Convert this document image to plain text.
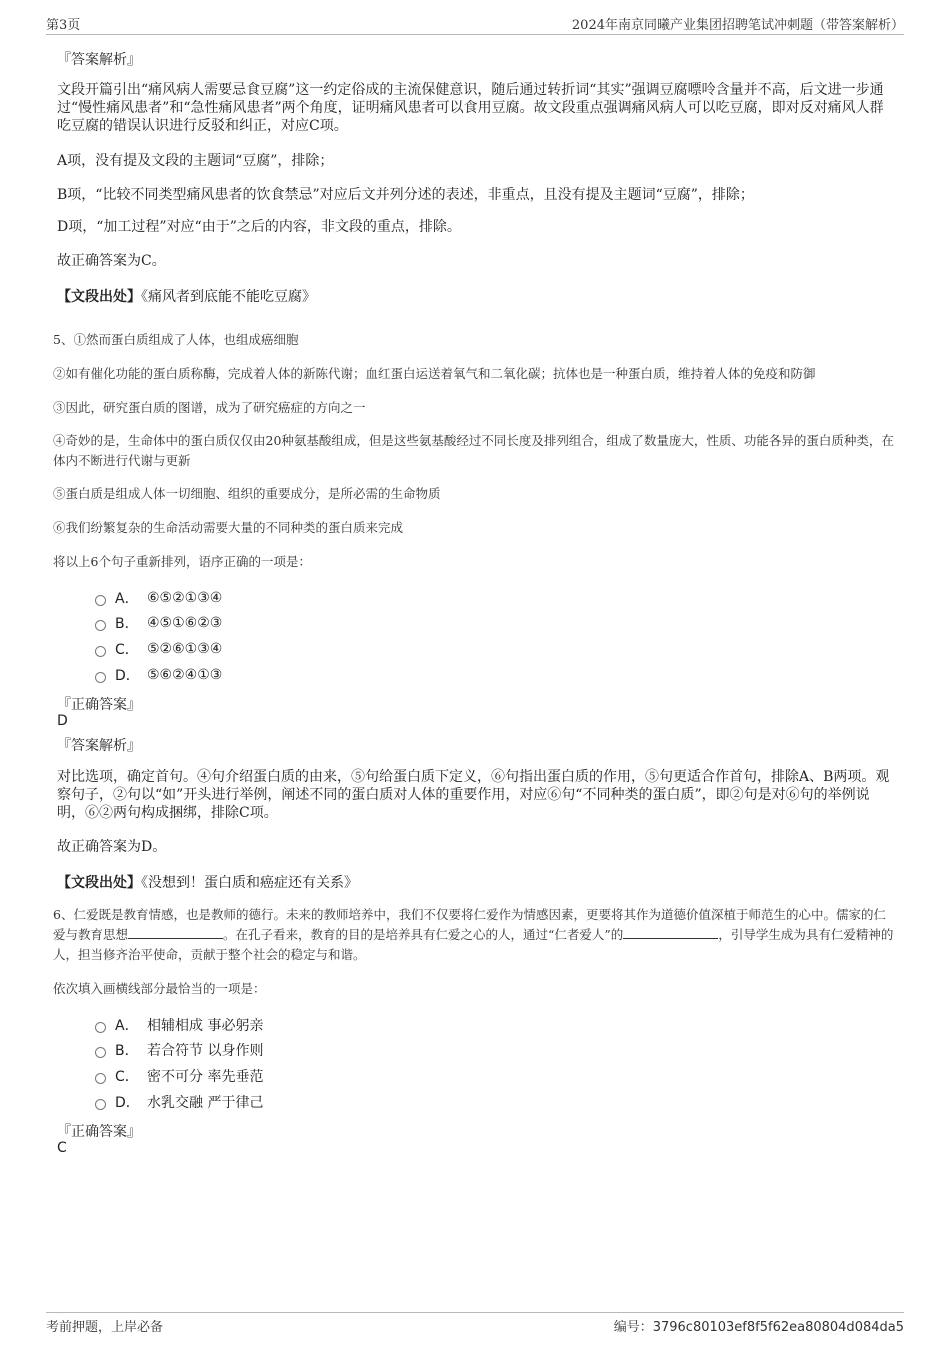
第3页	2024年南京同曦产业集团招聘笔试冲刺题（带答案解析）
『答案解析』
文段开篇引出“痛风病人需要忌食豆腐”这一约定俗成的主流保健意识，随后通过转折词“其实”强调豆腐嘌呤含量并不高，后文进一步通过“慢性痛风患者”和“急性痛风患者”两个角度，证明痛风患者可以食用豆腐。故文段重点强调痛风病人可以吃豆腐，即对反对痛风人群吃豆腐的错误认识进行反驳和纠正，对应C项。
A项，没有提及文段的主题词“豆腐”，排除；
B项，“比较不同类型痛风患者的饮食禁忌”对应后文并列分述的表述，非重点，且没有提及主题词“豆腐”，排除；
D项，“加工过程”对应“由于”之后的内容，非文段的重点，排除。
故正确答案为C。
【文段出处】《痛风者到底能不能吃豆腐》
5、①然而蛋白质组成了人体，也组成癌细胞
②如有催化功能的蛋白质称酶，完成着人体的新陈代谢；血红蛋白运送着氧气和二氧化碳；抗体也是一种蛋白质，维持着人体的免疫和防御
③因此，研究蛋白质的图谱，成为了研究癌症的方向之一
④奇妙的是，生命体中的蛋白质仅仅由20种氨基酸组成，但是这些氨基酸经过不同长度及排列组合，组成了数量庞大，性质、功能各异的蛋白质种类，在体内不断进行代谢与更新
⑤蛋白质是组成人体一切细胞、组织的重要成分，是所必需的生命物质
⑥我们纷繁复杂的生命活动需要大量的不同种类的蛋白质来完成
将以上6个句子重新排列，语序正确的一项是：
A． ⑥⑤②①③④
B． ④⑤①⑥②③
C． ⑤②⑥①③④
D． ⑤⑥②④①③
『正确答案』
D
『答案解析』
对比选项，确定首句。④句介绍蛋白质的由来，⑤句给蛋白质下定义，⑥句指出蛋白质的作用，⑤句更适合作首句，排除A、B两项。观察句子，②句以“如”开头进行举例，阐述不同的蛋白质对人体的重要作用，对应⑥句“不同种类的蛋白质”，即②句是对⑥句的举例说明，⑥②两句构成捆绑，排除C项。
故正确答案为D。
【文段出处】《没想到！蛋白质和癌症还有关系》
6、仁爱既是教育情感，也是教师的德行。未来的教师培养中，我们不仅要将仁爱作为情感因素，更要将其作为道德价值深植于师范生的心中。儒家的仁爱与教育思想	。在孔子看来，教育的目的是培养具有仁爱之心的人，通过“仁者爱人”的	，引导学生成为具有仁爱精神的人，担当修齐治平使命，贡献于整个社会的稳定与和谐。
依次填入画横线部分最恰当的一项是：
A． 相辅相成 事必躬亲
B． 若合符节 以身作则
C． 密不可分 率先垂范
D． 水乳交融 严于律己
『正确答案』
C
考前押题，上岸必备	编号：3796c80103ef8f5f62ea80804d084da5
